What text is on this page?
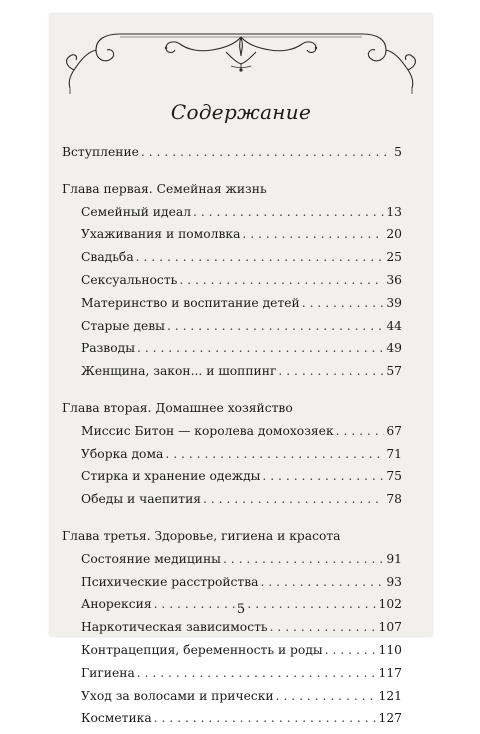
Содержание
Вступление . . .	5
Глава первая. Семейная жизнь
Семейный идеал . . .	13
Ухаживания и помолвка . . .	20
Свадьба . . .	25
Сексуальность . . .	36
Материнство и воспитание детей . . .	39
Старые девы . . .	44
Разводы . . .	49
Женщина, закон... и шоппинг . . .	57
Глава вторая. Домашнее хозяйство
Миссис Битон — королева домохозяек . . .	67
Уборка дома . . .	71
Стирка и хранение одежды . . .	75
Обеды и чаепития . . .	78
Глава третья. Здоровье, гигиена и красота
Состояние медицины . . .	91
Психические расстройства . . .	93
Анорексия . . .	102
Наркотическая зависимость . . .	107
Контрацепция, беременность и роды . . .	110
Гигиена . . .	117
Уход за волосами и прически . . .	121
Косметика . . .	127
5
